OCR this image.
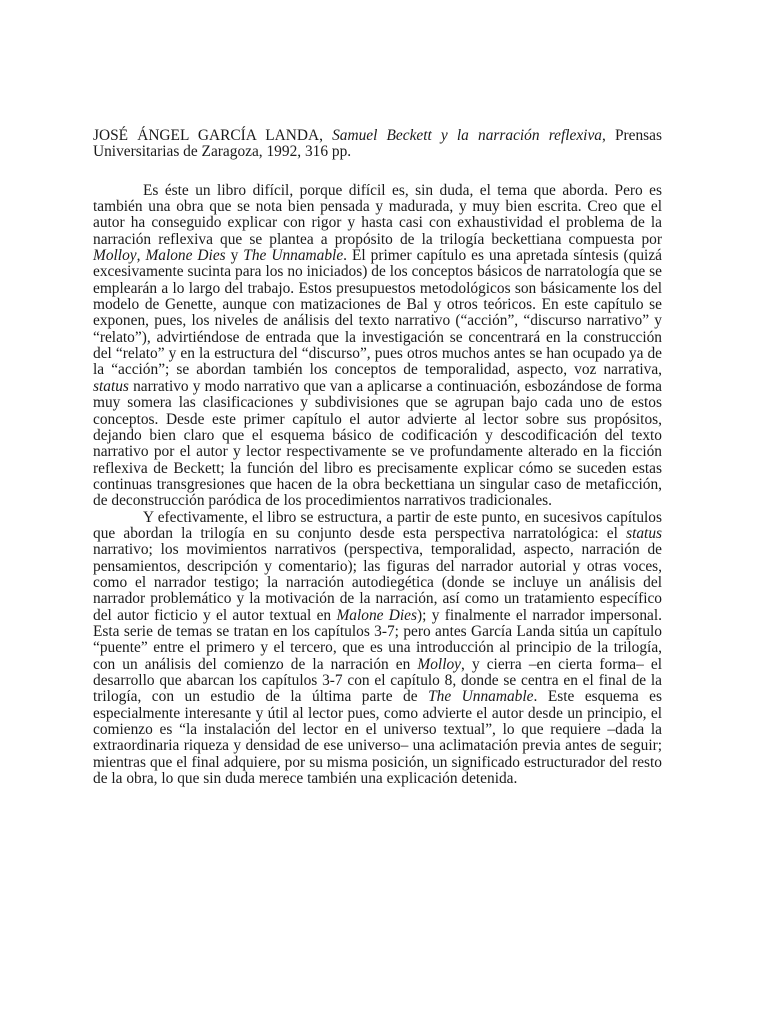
JOSÉ ÁNGEL GARCÍA LANDA, Samuel Beckett y la narración reflexiva, Prensas Universitarias de Zaragoza, 1992, 316 pp.

Es éste un libro difícil, porque difícil es, sin duda, el tema que aborda. Pero es también una obra que se nota bien pensada y madurada, y muy bien escrita. Creo que el autor ha conseguido explicar con rigor y hasta casi con exhaustividad el problema de la narración reflexiva que se plantea a propósito de la trilogía beckettiana compuesta por Molloy, Malone Dies y The Unnamable. El primer capítulo es una apretada síntesis (quizá excesivamente sucinta para los no iniciados) de los conceptos básicos de narratología que se emplearán a lo largo del trabajo. Estos presupuestos metodológicos son básicamente los del modelo de Genette, aunque con matizaciones de Bal y otros teóricos. En este capítulo se exponen, pues, los niveles de análisis del texto narrativo (“acción”, “discurso narrativo” y “relato”), advirtiéndose de entrada que la investigación se concentrará en la construcción del “relato” y en la estructura del “discurso”, pues otros muchos antes se han ocupado ya de la “acción”; se abordan también los conceptos de temporalidad, aspecto, voz narrativa, status narrativo y modo narrativo que van a aplicarse a continuación, esbozándose de forma muy somera las clasificaciones y subdivisiones que se agrupan bajo cada uno de estos conceptos. Desde este primer capítulo el autor advierte al lector sobre sus propósitos, dejando bien claro que el esquema básico de codificación y descodificación del texto narrativo por el autor y lector respectivamente se ve profundamente alterado en la ficción reflexiva de Beckett; la función del libro es precisamente explicar cómo se suceden estas continuas transgresiones que hacen de la obra beckettiana un singular caso de metaficción, de deconstrucción paródica de los procedimientos narrativos tradicionales.

Y efectivamente, el libro se estructura, a partir de este punto, en sucesivos capítulos que abordan la trilogía en su conjunto desde esta perspectiva narratológica: el status narrativo; los movimientos narrativos (perspectiva, temporalidad, aspecto, narración de pensamientos, descripción y comentario); las figuras del narrador autorial y otras voces, como el narrador testigo; la narración autodiegética (donde se incluye un análisis del narrador problemático y la motivación de la narración, así como un tratamiento específico del autor ficticio y el autor textual en Malone Dies); y finalmente el narrador impersonal. Esta serie de temas se tratan en los capítulos 3-7; pero antes García Landa sitúa un capítulo “puente” entre el primero y el tercero, que es una introducción al principio de la trilogía, con un análisis del comienzo de la narración en Molloy, y cierra –en cierta forma– el desarrollo que abarcan los capítulos 3-7 con el capítulo 8, donde se centra en el final de la trilogía, con un estudio de la última parte de The Unnamable. Este esquema es especialmente interesante y útil al lector pues, como advierte el autor desde un principio, el comienzo es “la instalación del lector en el universo textual”, lo que requiere –dada la extraordinaria riqueza y densidad de ese universo– una aclimatación previa antes de seguir; mientras que el final adquiere, por su misma posición, un significado estructurador del resto de la obra, lo que sin duda merece también una explicación detenida.
